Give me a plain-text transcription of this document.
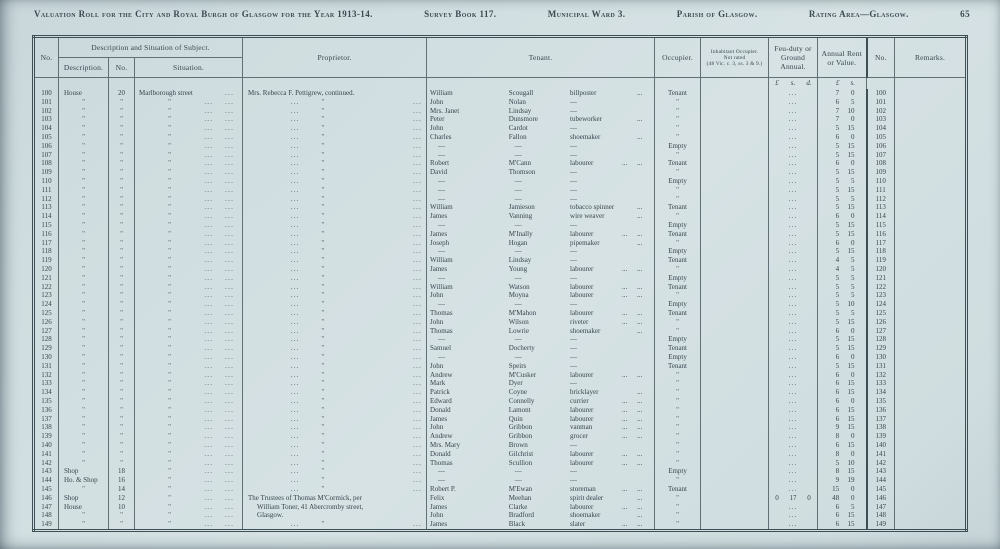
Valuation Roll for the City and Royal Burgh of Glasgow for the Year 1913-14.	Survey Book 117.	Municipal Ward 3.	Parish of Glasgow.	Rating Area—Glasgow.	65
No.	Description and Situation of Subject.			Proprietor.	Tenant.	Occupier.	Inhabitant Occupier.
Not rated
(48 Vic. c. 3, ss. 3 & 9.)	Feu-duty or Ground Annual.	Annual Rent or Value.	No.	Remarks.
	Description.	No.	Situation.								

								£ s. d.	£ s.		

100	House	20	Marlborough street ...	Mrs. Rebecca F. Pettigrew, continued.	William Scougall billposter ...	Tenant		...	7 0	100	
101	"	"	" ... ...	... " ...	John Nolan —	"		...	6 5	101	
102	"	"	" ... ...	... " ...	Mrs. Janet Lindsay —	"		...	7 10	102	
103	"	"	" ... ...	... " ...	Peter Dunsmore tubeworker ...	"		...	7 0	103	
104	"	"	" ... ...	... " ...	John Cardot —	"		...	5 15	104	
105	"	"	" ... ...	... " ...	Charles Fallon shoemaker ...	"		...	6 0	105	
106	"	"	" ... ...	... " ...	— — —	Empty		...	5 15	106	
107	"	"	" ... ...	... " ...	— — —	"		...	5 15	107	
108	"	"	" ... ...	... " ...	Robert M'Cann labourer ... ...	Tenant		...	6 0	108	
109	"	"	" ... ...	... " ...	David Thomson —	"		...	5 15	109	
110	"	"	" ... ...	... " ...	— — —	Empty		...	5 5	110	
111	"	"	" ... ...	... " ...	— — —	"		...	5 15	111	
112	"	"	" ... ...	... " ...	— — —	"		...	5 5	112	
113	"	"	" ... ...	... " ...	William Jamieson tobacco spinner ...	Tenant		...	5 15	113	
114	"	"	" ... ...	... " ...	James Vanning wire weaver ...	"		...	6 0	114	
115	"	"	" ... ...	... " ...	— — —	Empty		...	5 15	115	
116	"	"	" ... ...	... " ...	James M'Inally labourer ... ...	Tenant		...	5 15	116	
117	"	"	" ... ...	... " ...	Joseph Hogan pipemaker ...	"		...	6 0	117	
118	"	"	" ... ...	... " ...	— — —	Empty		...	5 15	118	
119	"	"	" ... ...	... " ...	William Lindsay —	Tenant		...	4 5	119	
120	"	"	" ... ...	... " ...	James Young labourer ... ...	"		...	4 5	120	
121	"	"	" ... ...	... " ...	— — —	Empty		...	5 5	121	
122	"	"	" ... ...	... " ...	William Watson labourer ... ...	Tenant		...	5 5	122	
123	"	"	" ... ...	... " ...	John Moyna labourer ... ...	"		...	5 5	123	
124	"	"	" ... ...	... " ...	— — —	Empty		...	5 10	124	
125	"	"	" ... ...	... " ...	Thomas M'Mahon labourer ... ...	Tenant		...	5 5	125	
126	"	"	" ... ...	... " ...	John Wilson riveter ... ...	"		...	5 15	126	
127	"	"	" ... ...	... " ...	Thomas Lowrie shoemaker ...	"		...	6 0	127	
128	"	"	" ... ...	... " ...	— — —	Empty		...	5 15	128	
129	"	"	" ... ...	... " ...	Samuel Docherty —	Tenant		...	5 15	129	
130	"	"	" ... ...	... " ...	— — —	Empty		...	6 0	130	
131	"	"	" ... ...	... " ...	John Speirs —	Tenant		...	5 15	131	
132	"	"	" ... ...	... " ...	Andrew M'Cusker labourer ... ...	"		...	6 0	132	
133	"	"	" ... ...	... " ...	Mark Dyer —	"		...	6 15	133	
134	"	"	" ... ...	... " ...	Patrick Coyne bricklayer ...	"		...	6 15	134	
135	"	"	" ... ...	... " ...	Edward Connelly currier ... ...	"		...	6 0	135	
136	"	"	" ... ...	... " ...	Donald Lamont labourer ... ...	"		...	6 15	136	
137	"	"	" ... ...	... " ...	James Quin labourer ... ...	"		...	6 15	137	
138	"	"	" ... ...	... " ...	John Gribbon vanman ... ...	"		...	9 15	138	
139	"	"	" ... ...	... " ...	Andrew Gribbon grocer ... ...	"		...	8 0	139	
140	"	"	" ... ...	... " ...	Mrs. Mary Brown —	"		...	6 15	140	
141	"	"	" ... ...	... " ...	Donald Gilchrist labourer ... ...	"		...	8 0	141	
142	"	"	" ... ...	... " ...	Thomas Scullion labourer ... ...	"		...	5 10	142	
143	Shop	18	" ... ...	... " ...	— — —	Empty		...	8 15	143	
144	Ho. & Shop	16	" ... ...	... " ...	— — —	"		...	9 19	144	
145	"	14	" ... ...	... " ...	Robert P. M'Ewan storeman ... ...	Tenant		...	15 0	145	
146	Shop	12	" ... ...	The Trustees of Thomas M'Cormick, per	Felix Meehan spirit dealer ...	"		0 17 0	48 0	146	
147	House	10	" ... ...	William Toner, 41 Abercromby street,	James Clarke labourer ... ...	"		...	6 5	147	
148	"	"	" ... ...	Glasgow.	John Bradford shoemaker ...	"		...	6 15	148	
149	"	"	" ... ...	... " ...	James Black slater ... ...	"		...	6 15	149	
